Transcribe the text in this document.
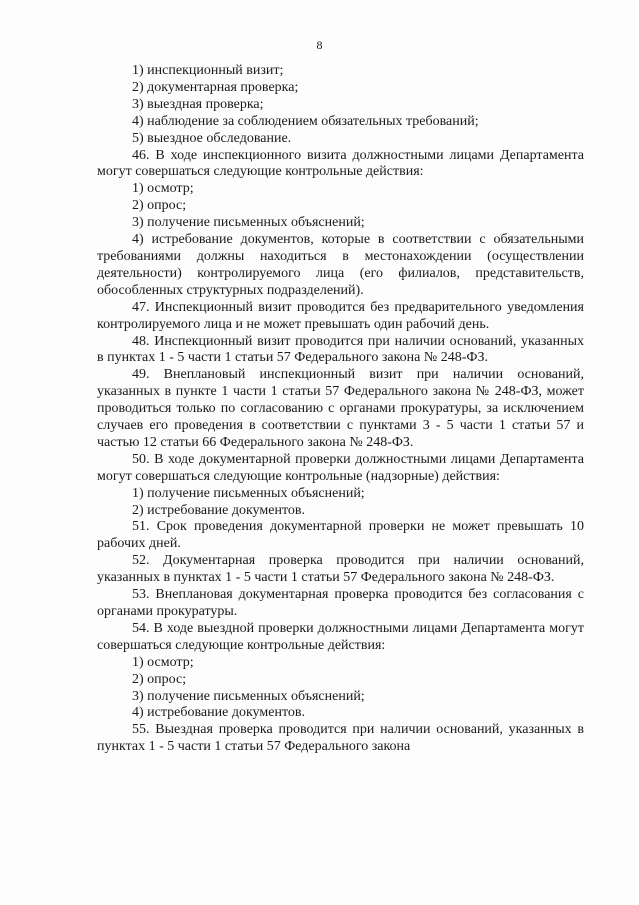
8

1) инспекционный визит;

2) документарная проверка;

3) выездная проверка;

4) наблюдение за соблюдением обязательных требований;

5) выездное обследование.

46. В ходе инспекционного визита должностными лицами Департамента могут совершаться следующие контрольные действия:

1) осмотр;

2) опрос;

3) получение письменных объяснений;

4) истребование документов, которые в соответствии с обязательными требованиями должны находиться в местонахождении (осуществлении деятельности) контролируемого лица (его филиалов, представительств, обособленных структурных подразделений).

47. Инспекционный визит проводится без предварительного уведомления контролируемого лица и не может превышать один рабочий день.

48. Инспекционный визит проводится при наличии оснований, указанных в пунктах 1 - 5 части 1 статьи 57 Федерального закона № 248-ФЗ.

49. Внеплановый инспекционный визит при наличии оснований, указанных в пункте 1 части 1 статьи 57 Федерального закона № 248-ФЗ, может проводиться только по согласованию с органами прокуратуры, за исключением случаев его проведения в соответствии с пунктами 3 - 5 части 1 статьи 57 и частью 12 статьи 66 Федерального закона № 248-ФЗ.

50. В ходе документарной проверки должностными лицами Департамента могут совершаться следующие контрольные (надзорные) действия:

1) получение письменных объяснений;

2) истребование документов.

51. Срок проведения документарной проверки не может превышать 10 рабочих дней.

52. Документарная проверка проводится при наличии оснований, указанных в пунктах 1 - 5 части 1 статьи 57 Федерального закона № 248-ФЗ.

53. Внеплановая документарная проверка проводится без согласования с органами прокуратуры.

54. В ходе выездной проверки должностными лицами Департамента могут совершаться следующие контрольные действия:

1) осмотр;

2) опрос;

3) получение письменных объяснений;

4) истребование документов.

55. Выездная проверка проводится при наличии оснований, указанных в пунктах 1 - 5 части 1 статьи 57 Федерального закона
